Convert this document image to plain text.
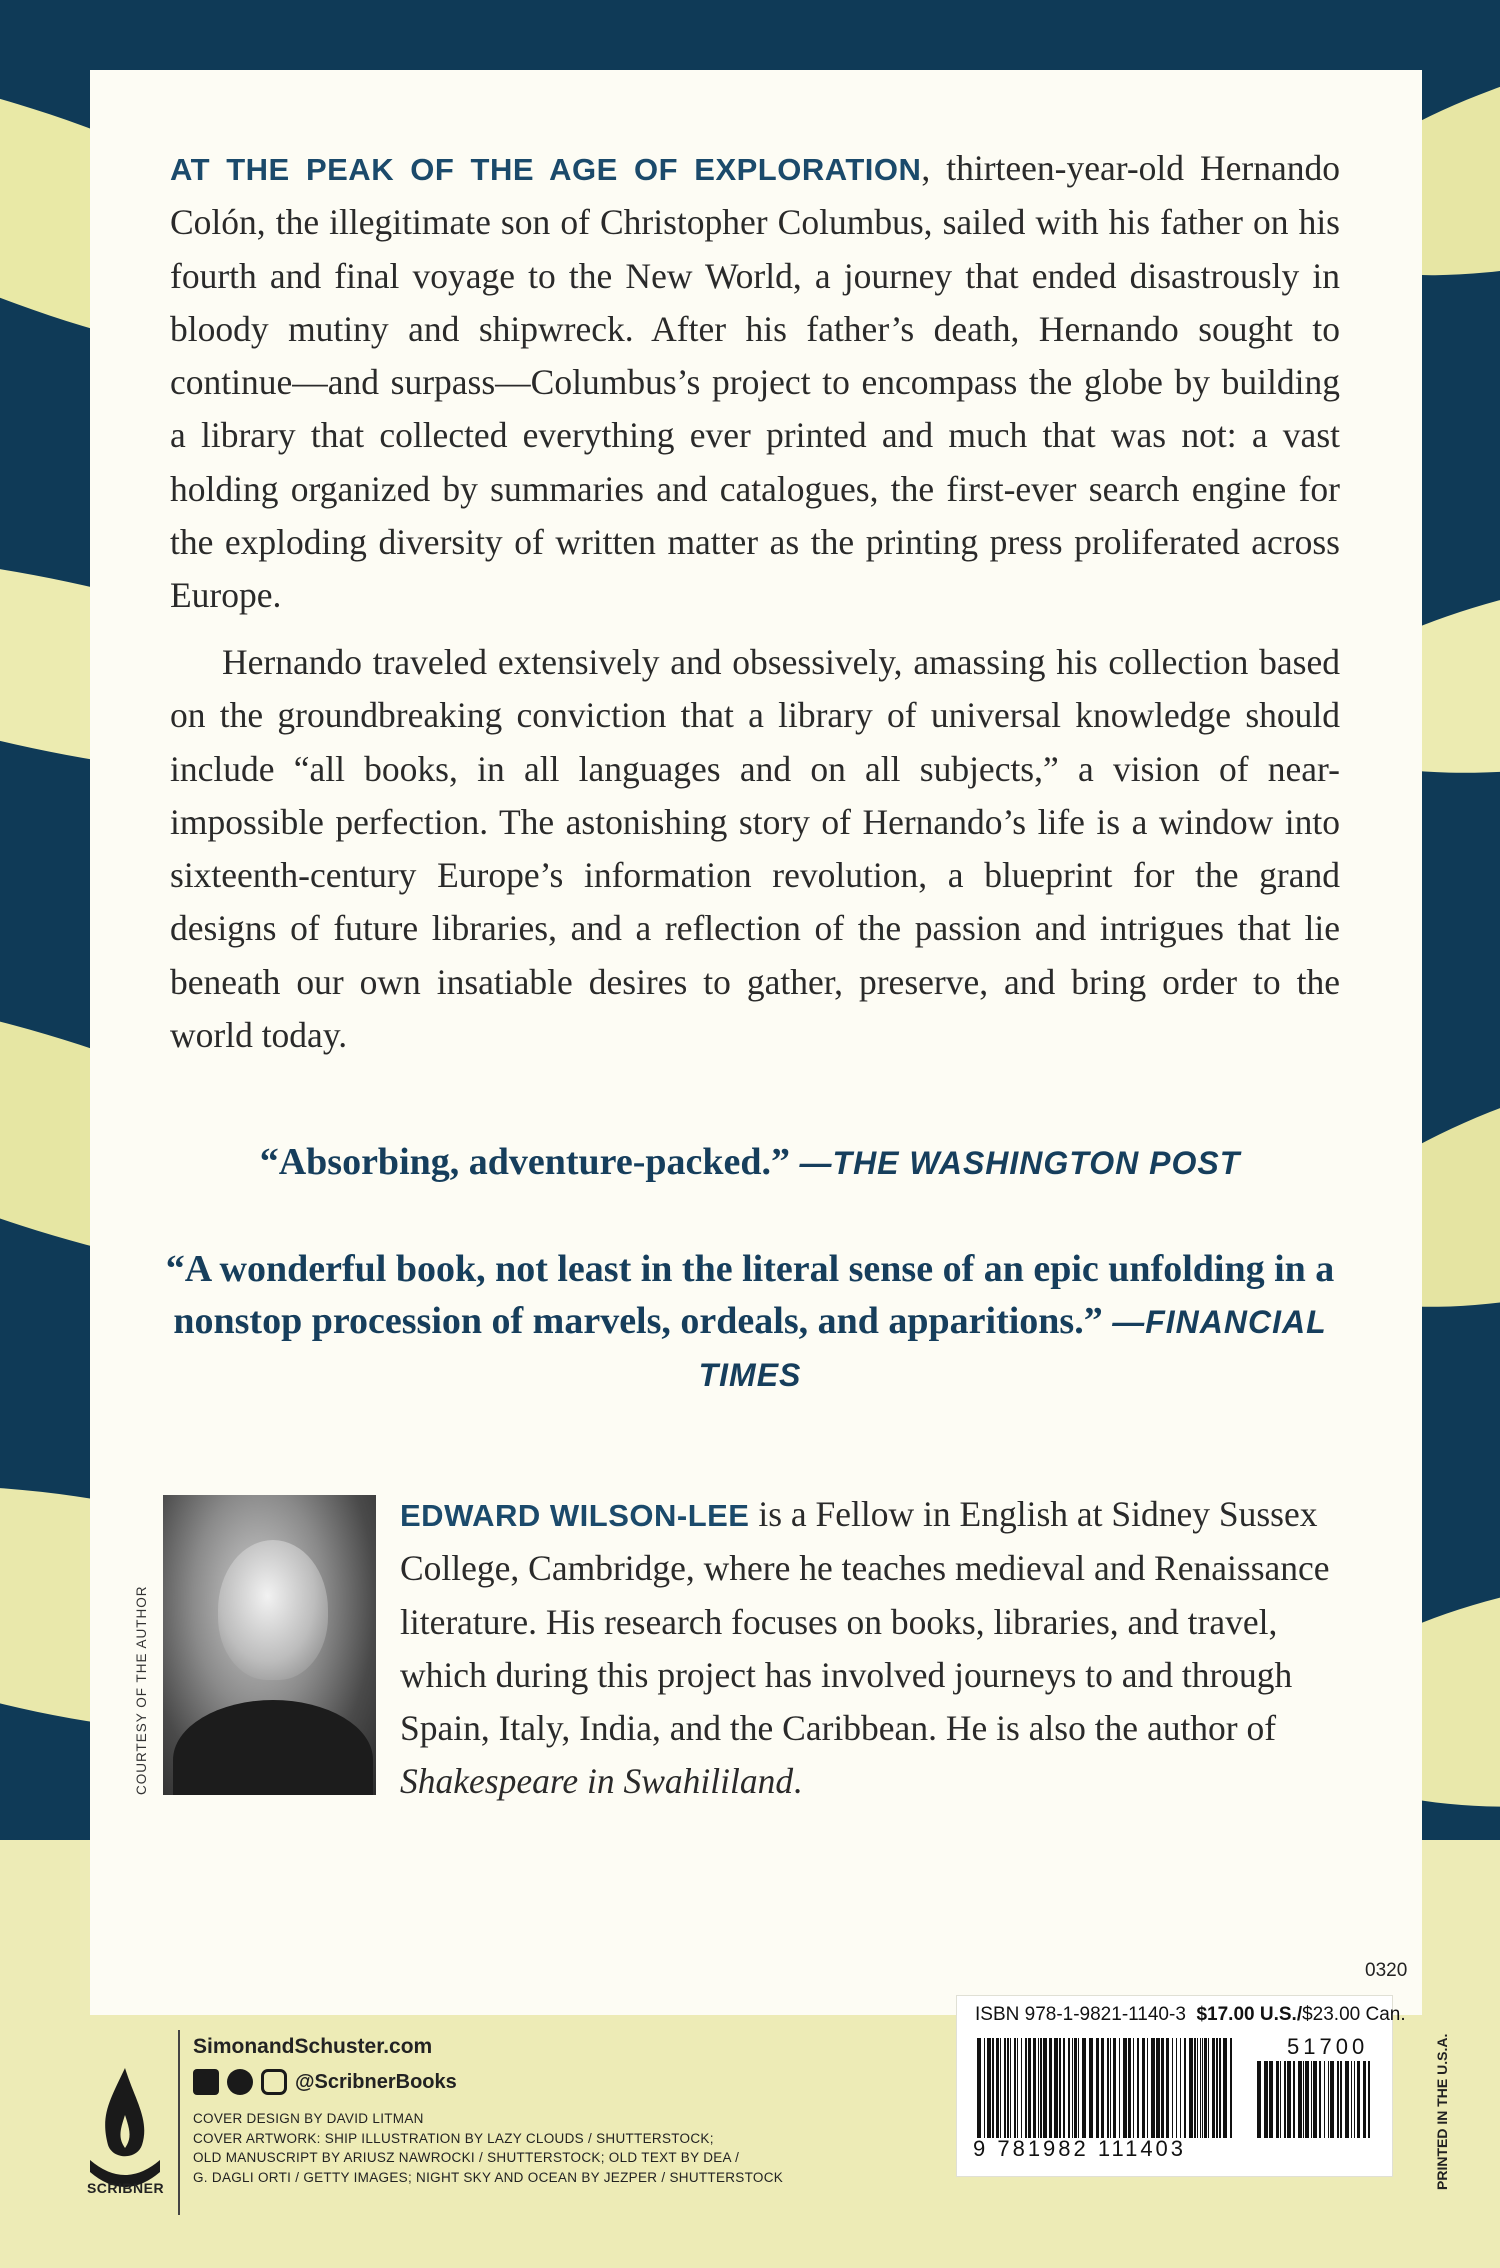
AT THE PEAK OF THE AGE OF EXPLORATION, thirteen-year-old Hernando Colón, the illegitimate son of Christopher Columbus, sailed with his father on his fourth and final voyage to the New World, a journey that ended disastrously in bloody mutiny and shipwreck. After his father’s death, Hernando sought to continue—and surpass—Columbus’s project to encompass the globe by building a library that collected everything ever printed and much that was not: a vast holding organized by summaries and catalogues, the first-ever search engine for the exploding diversity of written matter as the printing press proliferated across Europe.

Hernando traveled extensively and obsessively, amassing his collection based on the groundbreaking conviction that a library of universal knowledge should include “all books, in all languages and on all subjects,” a vision of near-impossible perfection. The astonishing story of Hernando’s life is a window into sixteenth-century Europe’s information revolution, a blueprint for the grand designs of future libraries, and a reflection of the passion and intrigues that lie beneath our own insatiable desires to gather, preserve, and bring order to the world today.

“Absorbing, adventure-packed.” —THE WASHINGTON POST

“A wonderful book, not least in the literal sense of an epic unfolding in a nonstop procession of marvels, ordeals, and apparitions.” —FINANCIAL TIMES

COURTESY OF THE AUTHOR

EDWARD WILSON-LEE is a Fellow in English at Sidney Sussex College, Cambridge, where he teaches medieval and Renaissance literature. His research focuses on books, libraries, and travel, which during this project has involved journeys to and through Spain, Italy, India, and the Caribbean. He is also the author of Shakespeare in Swahililand.

SCRIBNER
SimonandSchuster.com
@ScribnerBooks
COVER DESIGN BY DAVID LITMAN
COVER ARTWORK: SHIP ILLUSTRATION BY LAZY CLOUDS / SHUTTERSTOCK;
OLD MANUSCRIPT BY ARIUSZ NAWROCKI / SHUTTERSTOCK; OLD TEXT BY DEA /
G. DAGLI ORTI / GETTY IMAGES; NIGHT SKY AND OCEAN BY JEZPER / SHUTTERSTOCK
0320
ISBN 978-1-9821-1140-3 $17.00 U.S./$23.00 Can.
51700
9 781982 111403	PRINTED IN THE U.S.A.
